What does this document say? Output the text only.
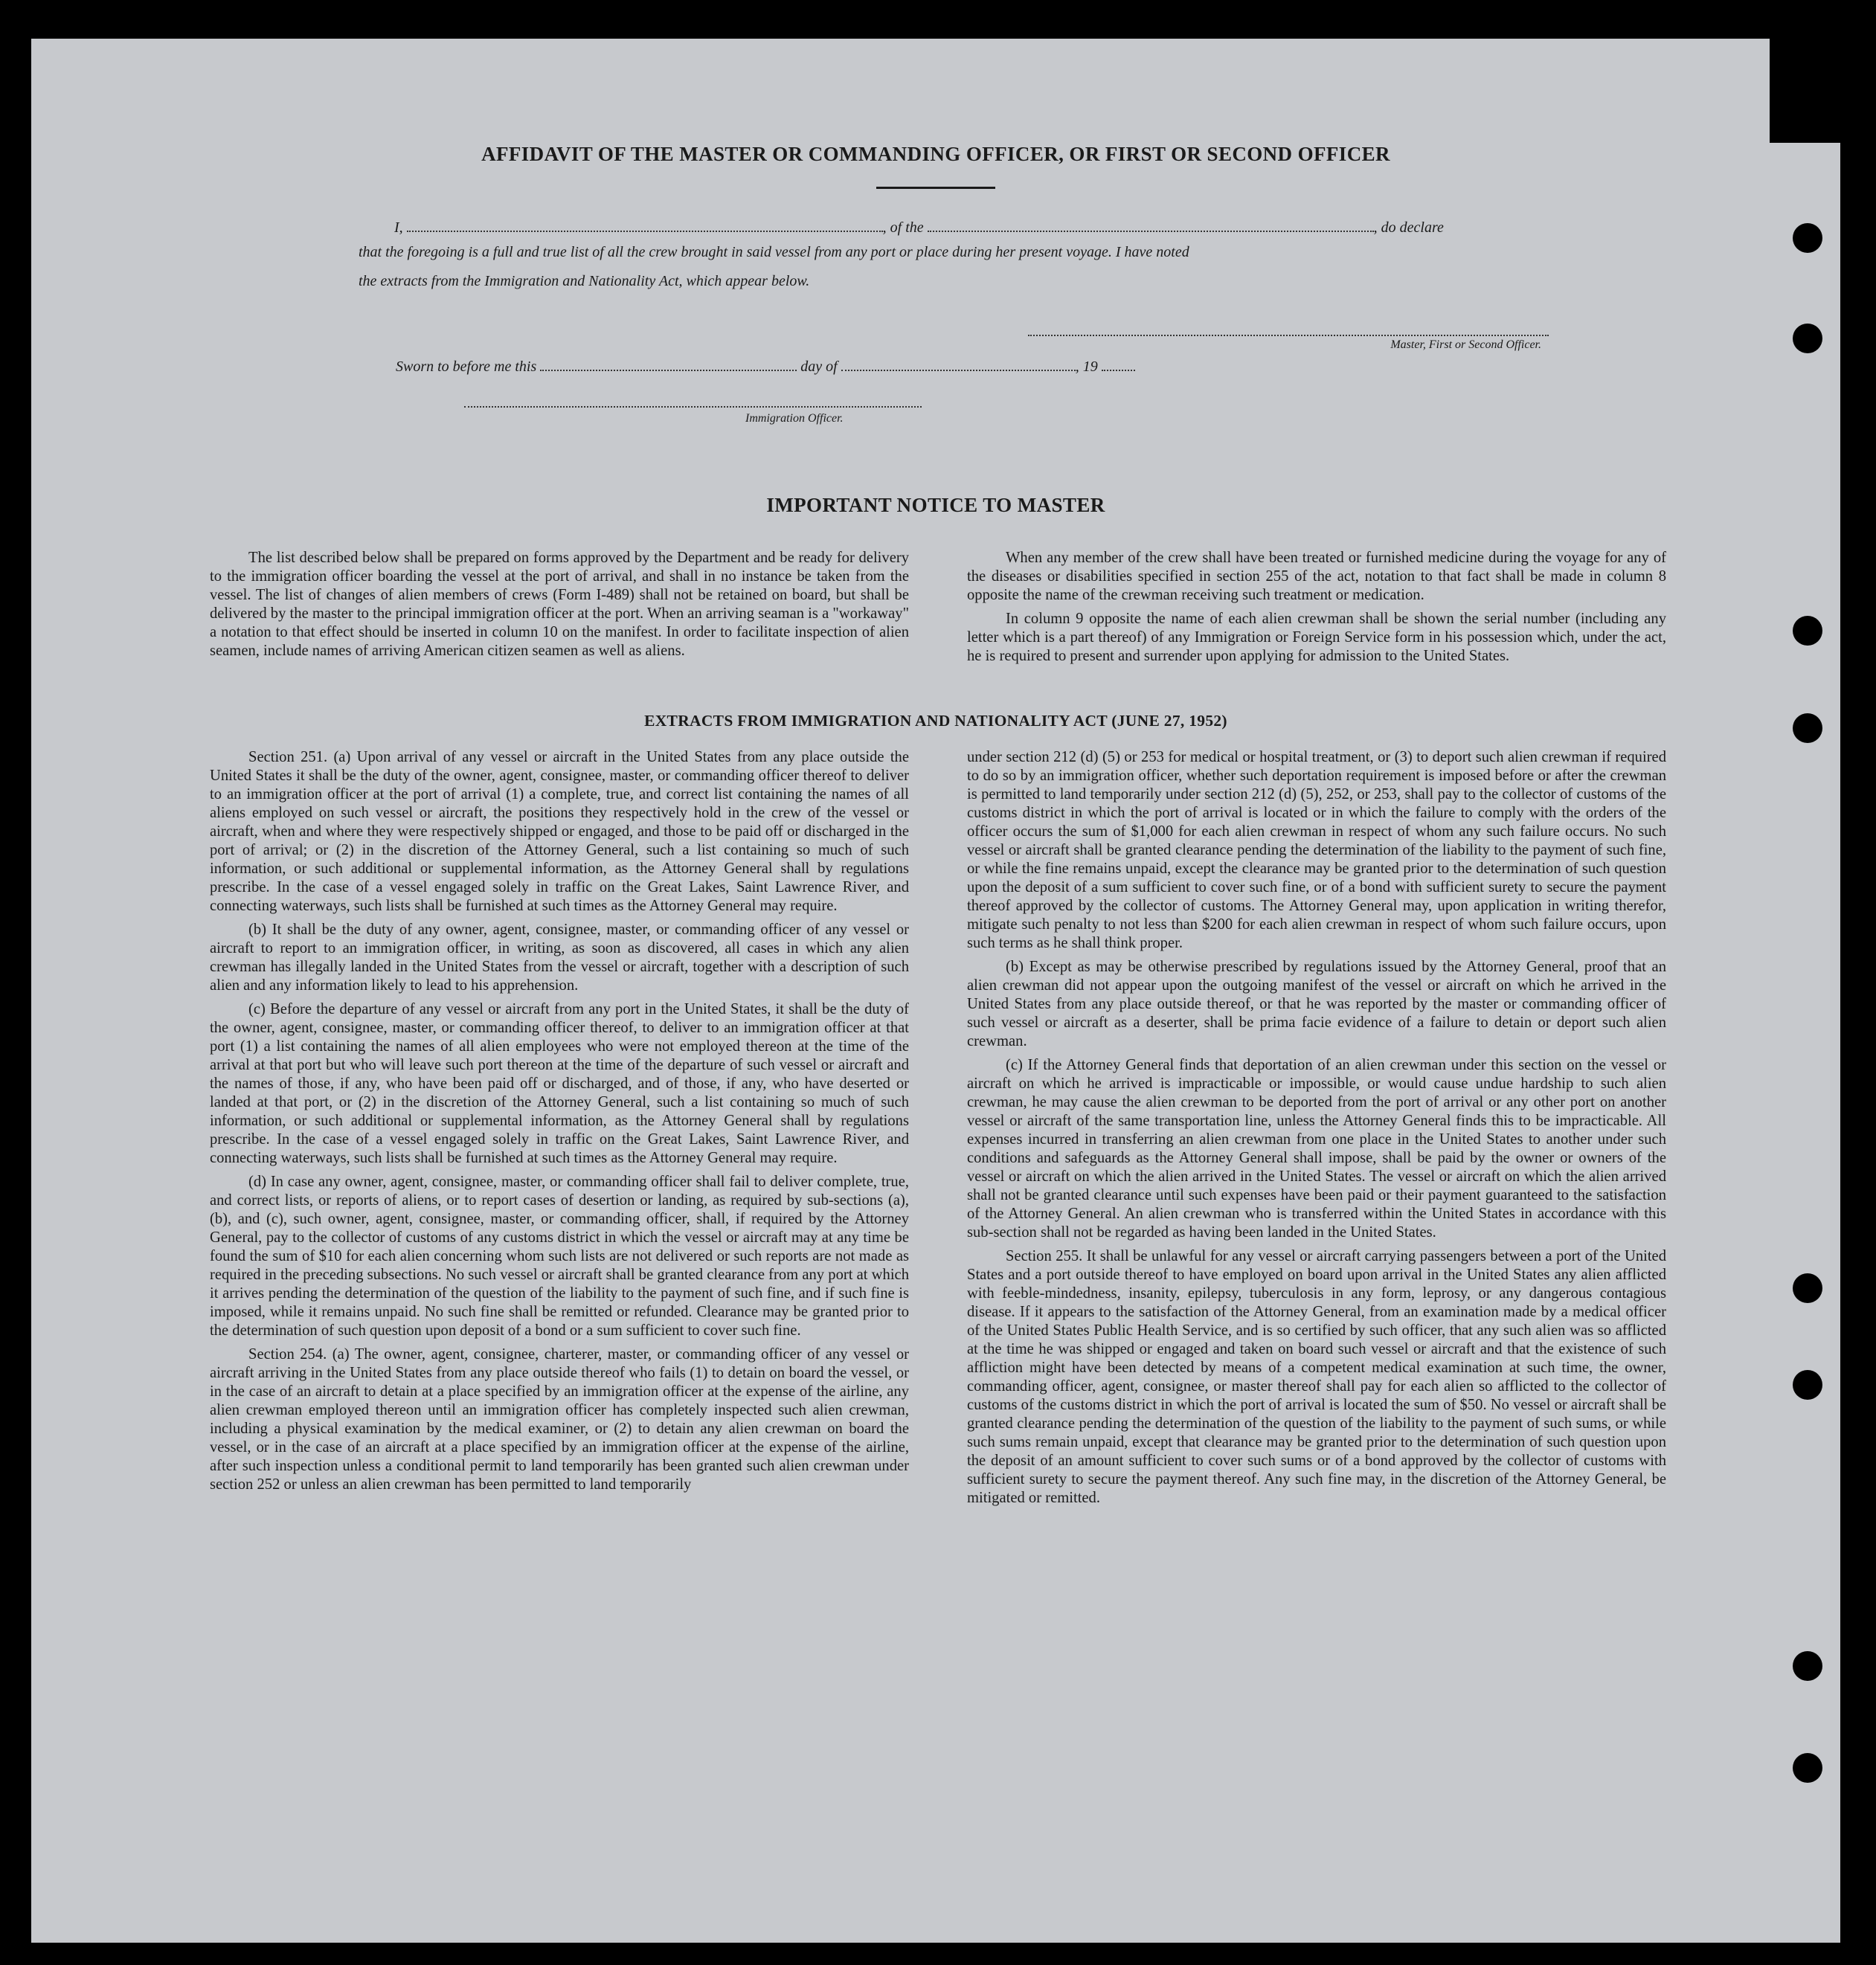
AFFIDAVIT OF THE MASTER OR COMMANDING OFFICER, OR FIRST OR SECOND OFFICER
I,	, of the	, do declare
that the foregoing is a full and true list of all the crew brought in said vessel from any port or place during her present voyage. I have noted
the extracts from the Immigration and Nationality Act, which appear below.
Master, First or Second Officer.
Sworn to before me this	day of	, 19
Immigration Officer.
IMPORTANT NOTICE TO MASTER

The list described below shall be prepared on forms approved by the Department and be ready for delivery to the immigration officer boarding the vessel at the port of arrival, and shall in no instance be taken from the vessel. The list of changes of alien members of crews (Form I-489) shall not be retained on board, but shall be delivered by the master to the principal immigration officer at the port. When an arriving seaman is a "workaway" a notation to that effect should be inserted in column 10 on the manifest. In order to facilitate inspection of alien seamen, include names of arriving American citizen seamen as well as aliens.

When any member of the crew shall have been treated or furnished medicine during the voyage for any of the diseases or disabilities specified in section 255 of the act, notation to that fact shall be made in column 8 opposite the name of the crewman receiving such treatment or medication.

In column 9 opposite the name of each alien crewman shall be shown the serial number (including any letter which is a part thereof) of any Immigration or Foreign Service form in his possession which, under the act, he is required to present and surrender upon applying for admission to the United States.

EXTRACTS FROM IMMIGRATION AND NATIONALITY ACT (JUNE 27, 1952)

Section 251. (a) Upon arrival of any vessel or aircraft in the United States from any place outside the United States it shall be the duty of the owner, agent, consignee, master, or commanding officer thereof to deliver to an immigration officer at the port of arrival (1) a complete, true, and correct list containing the names of all aliens employed on such vessel or aircraft, the positions they respectively hold in the crew of the vessel or aircraft, when and where they were respectively shipped or engaged, and those to be paid off or discharged in the port of arrival; or (2) in the discretion of the Attorney General, such a list containing so much of such information, or such additional or supplemental information, as the Attorney General shall by regulations prescribe. In the case of a vessel engaged solely in traffic on the Great Lakes, Saint Lawrence River, and connecting waterways, such lists shall be furnished at such times as the Attorney General may require.

(b) It shall be the duty of any owner, agent, consignee, master, or commanding officer of any vessel or aircraft to report to an immigration officer, in writing, as soon as discovered, all cases in which any alien crewman has illegally landed in the United States from the vessel or aircraft, together with a description of such alien and any information likely to lead to his apprehension.

(c) Before the departure of any vessel or aircraft from any port in the United States, it shall be the duty of the owner, agent, consignee, master, or commanding officer thereof, to deliver to an immigration officer at that port (1) a list containing the names of all alien employees who were not employed thereon at the time of the arrival at that port but who will leave such port thereon at the time of the departure of such vessel or aircraft and the names of those, if any, who have been paid off or discharged, and of those, if any, who have deserted or landed at that port, or (2) in the discretion of the Attorney General, such a list containing so much of such information, or such additional or supplemental information, as the Attorney General shall by regulations prescribe. In the case of a vessel engaged solely in traffic on the Great Lakes, Saint Lawrence River, and connecting waterways, such lists shall be furnished at such times as the Attorney General may require.

(d) In case any owner, agent, consignee, master, or commanding officer shall fail to deliver complete, true, and correct lists, or reports of aliens, or to report cases of desertion or landing, as required by sub-sections (a), (b), and (c), such owner, agent, consignee, master, or commanding officer, shall, if required by the Attorney General, pay to the collector of customs of any customs district in which the vessel or aircraft may at any time be found the sum of $10 for each alien concerning whom such lists are not delivered or such reports are not made as required in the preceding subsections. No such vessel or aircraft shall be granted clearance from any port at which it arrives pending the determination of the question of the liability to the payment of such fine, and if such fine is imposed, while it remains unpaid. No such fine shall be remitted or refunded. Clearance may be granted prior to the determination of such question upon deposit of a bond or a sum sufficient to cover such fine.

Section 254. (a) The owner, agent, consignee, charterer, master, or commanding officer of any vessel or aircraft arriving in the United States from any place outside thereof who fails (1) to detain on board the vessel, or in the case of an aircraft to detain at a place specified by an immigration officer at the expense of the airline, any alien crewman employed thereon until an immigration officer has completely inspected such alien crewman, including a physical examination by the medical examiner, or (2) to detain any alien crewman on board the vessel, or in the case of an aircraft at a place specified by an immigration officer at the expense of the airline, after such inspection unless a conditional permit to land temporarily has been granted such alien crewman under section 252 or unless an alien crewman has been permitted to land temporarily

under section 212 (d) (5) or 253 for medical or hospital treatment, or (3) to deport such alien crewman if required to do so by an immigration officer, whether such deportation requirement is imposed before or after the crewman is permitted to land temporarily under section 212 (d) (5), 252, or 253, shall pay to the collector of customs of the customs district in which the port of arrival is located or in which the failure to comply with the orders of the officer occurs the sum of $1,000 for each alien crewman in respect of whom any such failure occurs. No such vessel or aircraft shall be granted clearance pending the determination of the liability to the payment of such fine, or while the fine remains unpaid, except the clearance may be granted prior to the determination of such question upon the deposit of a sum sufficient to cover such fine, or of a bond with sufficient surety to secure the payment thereof approved by the collector of customs. The Attorney General may, upon application in writing therefor, mitigate such penalty to not less than $200 for each alien crewman in respect of whom such failure occurs, upon such terms as he shall think proper.

(b) Except as may be otherwise prescribed by regulations issued by the Attorney General, proof that an alien crewman did not appear upon the outgoing manifest of the vessel or aircraft on which he arrived in the United States from any place outside thereof, or that he was reported by the master or commanding officer of such vessel or aircraft as a deserter, shall be prima facie evidence of a failure to detain or deport such alien crewman.

(c) If the Attorney General finds that deportation of an alien crewman under this section on the vessel or aircraft on which he arrived is impracticable or impossible, or would cause undue hardship to such alien crewman, he may cause the alien crewman to be deported from the port of arrival or any other port on another vessel or aircraft of the same transportation line, unless the Attorney General finds this to be impracticable. All expenses incurred in transferring an alien crewman from one place in the United States to another under such conditions and safeguards as the Attorney General shall impose, shall be paid by the owner or owners of the vessel or aircraft on which the alien arrived in the United States. The vessel or aircraft on which the alien arrived shall not be granted clearance until such expenses have been paid or their payment guaranteed to the satisfaction of the Attorney General. An alien crewman who is transferred within the United States in accordance with this sub-section shall not be regarded as having been landed in the United States.

Section 255. It shall be unlawful for any vessel or aircraft carrying passengers between a port of the United States and a port outside thereof to have employed on board upon arrival in the United States any alien afflicted with feeble-mindedness, insanity, epilepsy, tuberculosis in any form, leprosy, or any dangerous contagious disease. If it appears to the satisfaction of the Attorney General, from an examination made by a medical officer of the United States Public Health Service, and is so certified by such officer, that any such alien was so afflicted at the time he was shipped or engaged and taken on board such vessel or aircraft and that the existence of such affliction might have been detected by means of a competent medical examination at such time, the owner, commanding officer, agent, consignee, or master thereof shall pay for each alien so afflicted to the collector of customs of the customs district in which the port of arrival is located the sum of $50. No vessel or aircraft shall be granted clearance pending the determination of the question of the liability to the payment of such sums, or while such sums remain unpaid, except that clearance may be granted prior to the determination of such question upon the deposit of an amount sufficient to cover such sums or of a bond approved by the collector of customs with sufficient surety to secure the payment thereof. Any such fine may, in the discretion of the Attorney General, be mitigated or remitted.
